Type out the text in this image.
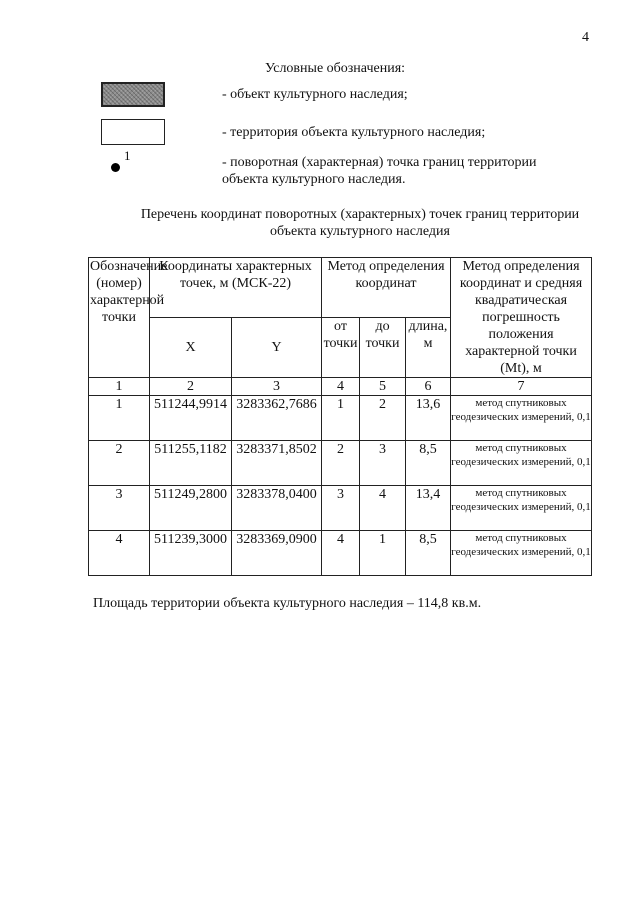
4
Условные обозначения:
- объект культурного наследия;
- территория объекта культурного наследия;
1	- поворотная (характерная) точка границ территории объекта культурного наследия.
Перечень координат поворотных (характерных) точек границ территории объекта культурного наследия
Обозначение (номер) характерной точки	Координаты характерных точек, м (МСК-22)		Метод определения координат			Метод определения координат и средняя квадратическая погрешность положения характерной точки (Mt), м
	X	Y	от точки	до точки	длина, м	
1	2	3	4	5	6	7
1	511244,9914	3283362,7686	1	2	13,6	метод спутниковых геодезических измерений, 0,1
2	511255,1182	3283371,8502	2	3	8,5	метод спутниковых геодезических измерений, 0,1
3	511249,2800	3283378,0400	3	4	13,4	метод спутниковых геодезических измерений, 0,1
4	511239,3000	3283369,0900	4	1	8,5	метод спутниковых геодезических измерений, 0,1
Площадь территории объекта культурного наследия – 114,8 кв.м.
